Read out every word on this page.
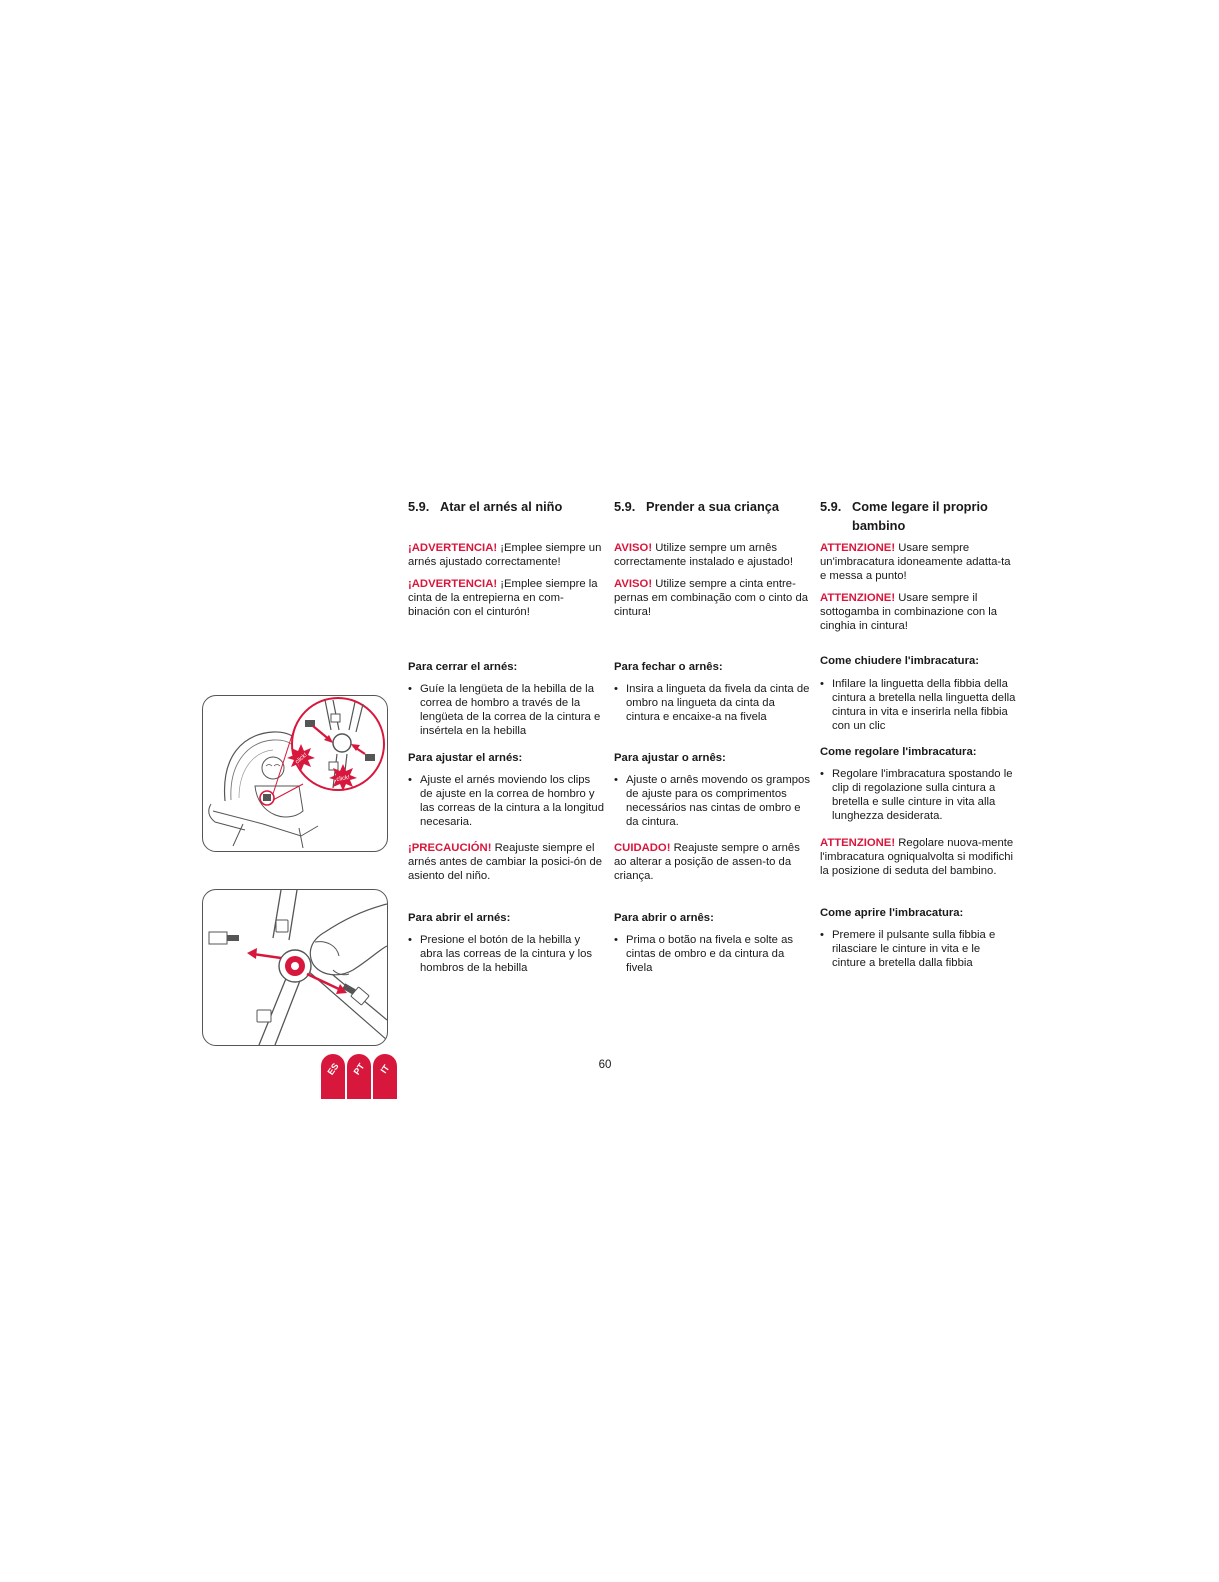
5.9. Atar el arnés al niño
¡ADVERTENCIA! ¡Emplee siempre un arnés ajustado correctamente!
¡ADVERTENCIA! ¡Emplee siempre la cinta de la entrepierna en com-binación con el cinturón!
Para cerrar el arnés:
• Guíe la lengüeta de la hebilla de la correa de hombro a través de la lengüeta de la correa de la cintura e insértela en la hebilla
Para ajustar el arnés:
• Ajuste el arnés moviendo los clips de ajuste en la correa de hombro y las correas de la cintura a la longitud necesaria.
¡PRECAUCIÓN! Reajuste siempre el arnés antes de cambiar la posici-ón de asiento del niño.
Para abrir el arnés:
• Presione el botón de la hebilla y abra las correas de la cintura y los hombros de la hebilla
5.9. Prender a sua criança
AVISO! Utilize sempre um arnês correctamente instalado e ajustado!
AVISO! Utilize sempre a cinta entre-pernas em combinação com o cinto da cintura!
Para fechar o arnês:
• Insira a lingueta da fivela da cinta de ombro na lingueta da cinta da cintura e encaixe-a na fivela
Para ajustar o arnês:
• Ajuste o arnês movendo os grampos de ajuste para os comprimentos necessários nas cintas de ombro e da cintura.
CUIDADO! Reajuste sempre o arnês ao alterar a posição de assen-to da criança.
Para abrir o arnês:
• Prima o botão na fivela e solte as cintas de ombro e da cintura da fivela
5.9. Come legare il proprio bambino
ATTENZIONE! Usare sempre un'imbracatura idoneamente adatta-ta e messa a punto!
ATTENZIONE! Usare sempre il sottogamba in combinazione con la cinghia in cintura!
Come chiudere l'imbracatura:
• Infilare la linguetta della fibbia della cintura a bretella nella linguetta della cintura in vita e inserirla nella fibbia con un clic
Come regolare l'imbracatura:
• Regolare l'imbracatura spostando le clip di regolazione sulla cintura a bretella e sulle cinture in vita alla lunghezza desiderata.
ATTENZIONE! Regolare nuova-mente l'imbracatura ogniqualvolta si modifichi la posizione di seduta del bambino.
Come aprire l'imbracatura:
• Premere il pulsante sulla fibbia e rilasciare le cinture in vita e le cinture a bretella dalla fibbia
click!
click!
ES PT	IT	60
